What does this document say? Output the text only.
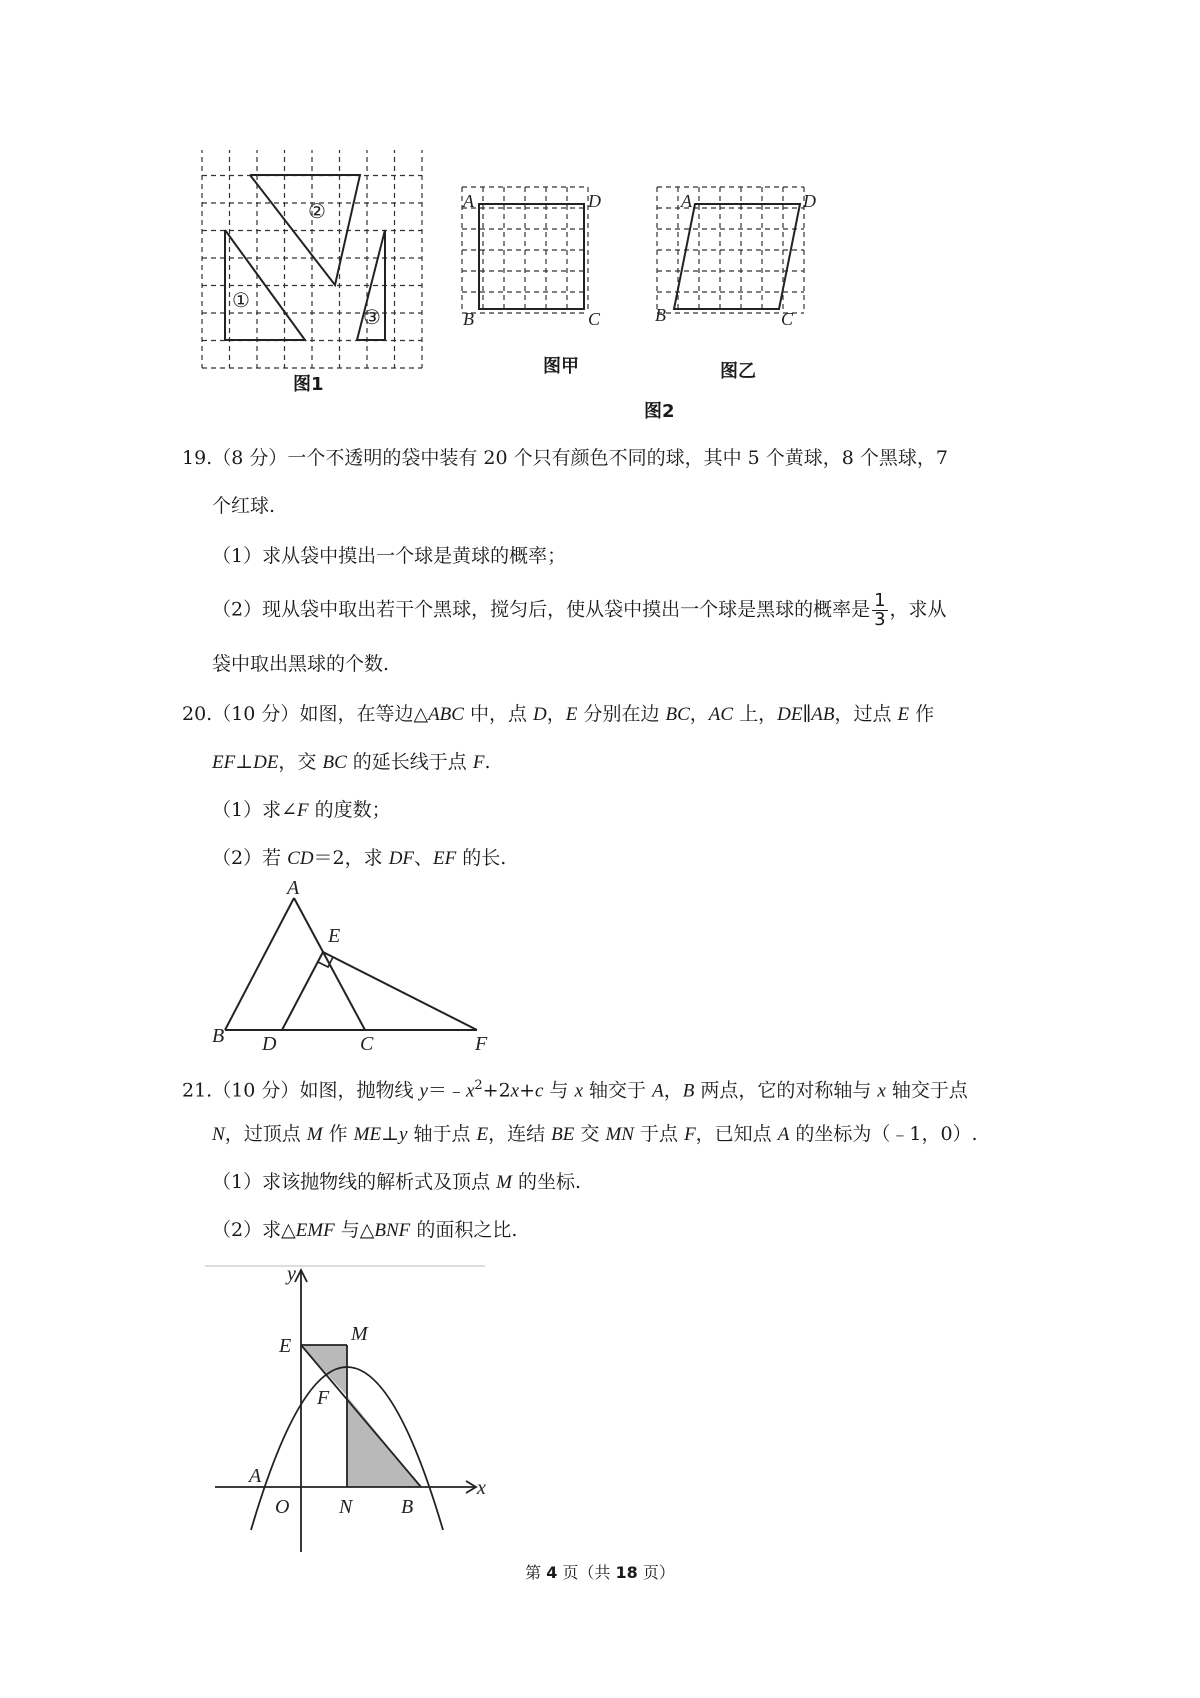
①
②
③
图1
A	D
B	C
图甲
A	D
B	C
图乙
图2
19.（8 分）一个不透明的袋中装有 20 个只有颜色不同的球，其中 5 个黄球，8 个黑球，7
个红球.
（1）求从袋中摸出一个球是黄球的概率；
（2）现从袋中取出若干个黑球，搅匀后，使从袋中摸出一个球是黑球的概率是 $\frac{1}{3}$ ，求从
袋中取出黑球的个数.
20.（10 分）如图，在等边△ABC 中，点 D，E 分别在边 BC，AC 上，DE∥AB，过点 E 作
EF⊥DE，交 BC 的延长线于点 F.
（1）求∠F 的度数；
（2）若 CD＝2，求 DF、EF 的长.
A
E
B D	C	F
21.（10 分）如图，抛物线 $y=﹣x^2+2x+c$ 与 x 轴交于 A，B 两点，它的对称轴与 x 轴交于点
N，过顶点 M 作 ME⊥y 轴于点 E，连结 BE 交 MN 于点 F，已知点 A 的坐标为（﹣1，0）.
（1）求该抛物线的解析式及顶点 M 的坐标.
（2）求△EMF 与△BNF 的面积之比.
y
x
E
M
F
A
O N B
第 4 页（共 18 页）
